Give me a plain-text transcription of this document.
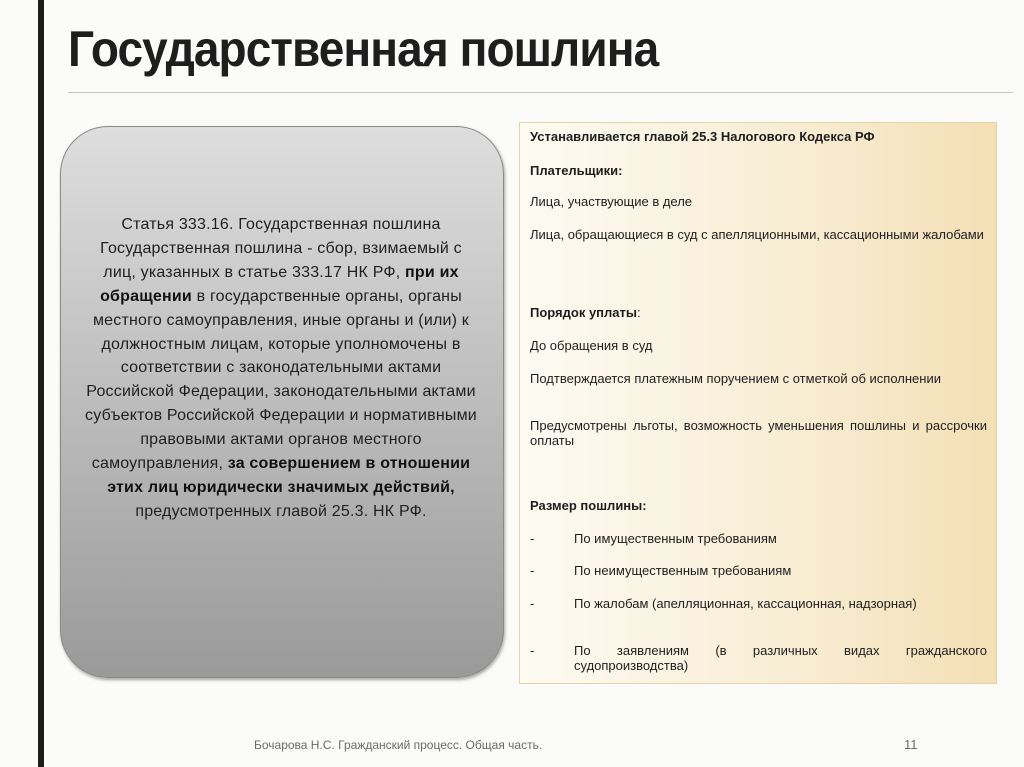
Государственная пошлина
Статья 333.16. Государственная пошлина
Государственная пошлина - сбор, взимаемый с лиц, указанных в статье 333.17 НК РФ, при их обращении в государственные органы, органы местного самоуправления, иные органы и (или) к должностным лицам, которые уполномочены в соответствии с законодательными актами Российской Федерации, законодательными актами субъектов Российской Федерации и нормативными правовыми актами органов местного самоуправления, за совершением в отношении этих лиц юридически значимых действий, предусмотренных главой 25.3. НК РФ.
Устанавливается главой 25.3 Налогового Кодекса РФ
Плательщики:
Лица, участвующие в деле
Лица, обращающиеся в суд с апелляционными, кассационными жалобами
Порядок уплаты:
До обращения в суд
Подтверждается платежным поручением с отметкой об исполнении
Предусмотрены льготы, возможность уменьшения пошлины и рассрочки оплаты
Размер пошлины:
-	По имущественным требованиям
-	По неимущественным требованиям
-	По жалобам (апелляционная, кассационная, надзорная)
-	По заявлениям (в различных видах гражданского судопроизводства)
Бочарова Н.С. Гражданский процесс. Общая часть.	11
